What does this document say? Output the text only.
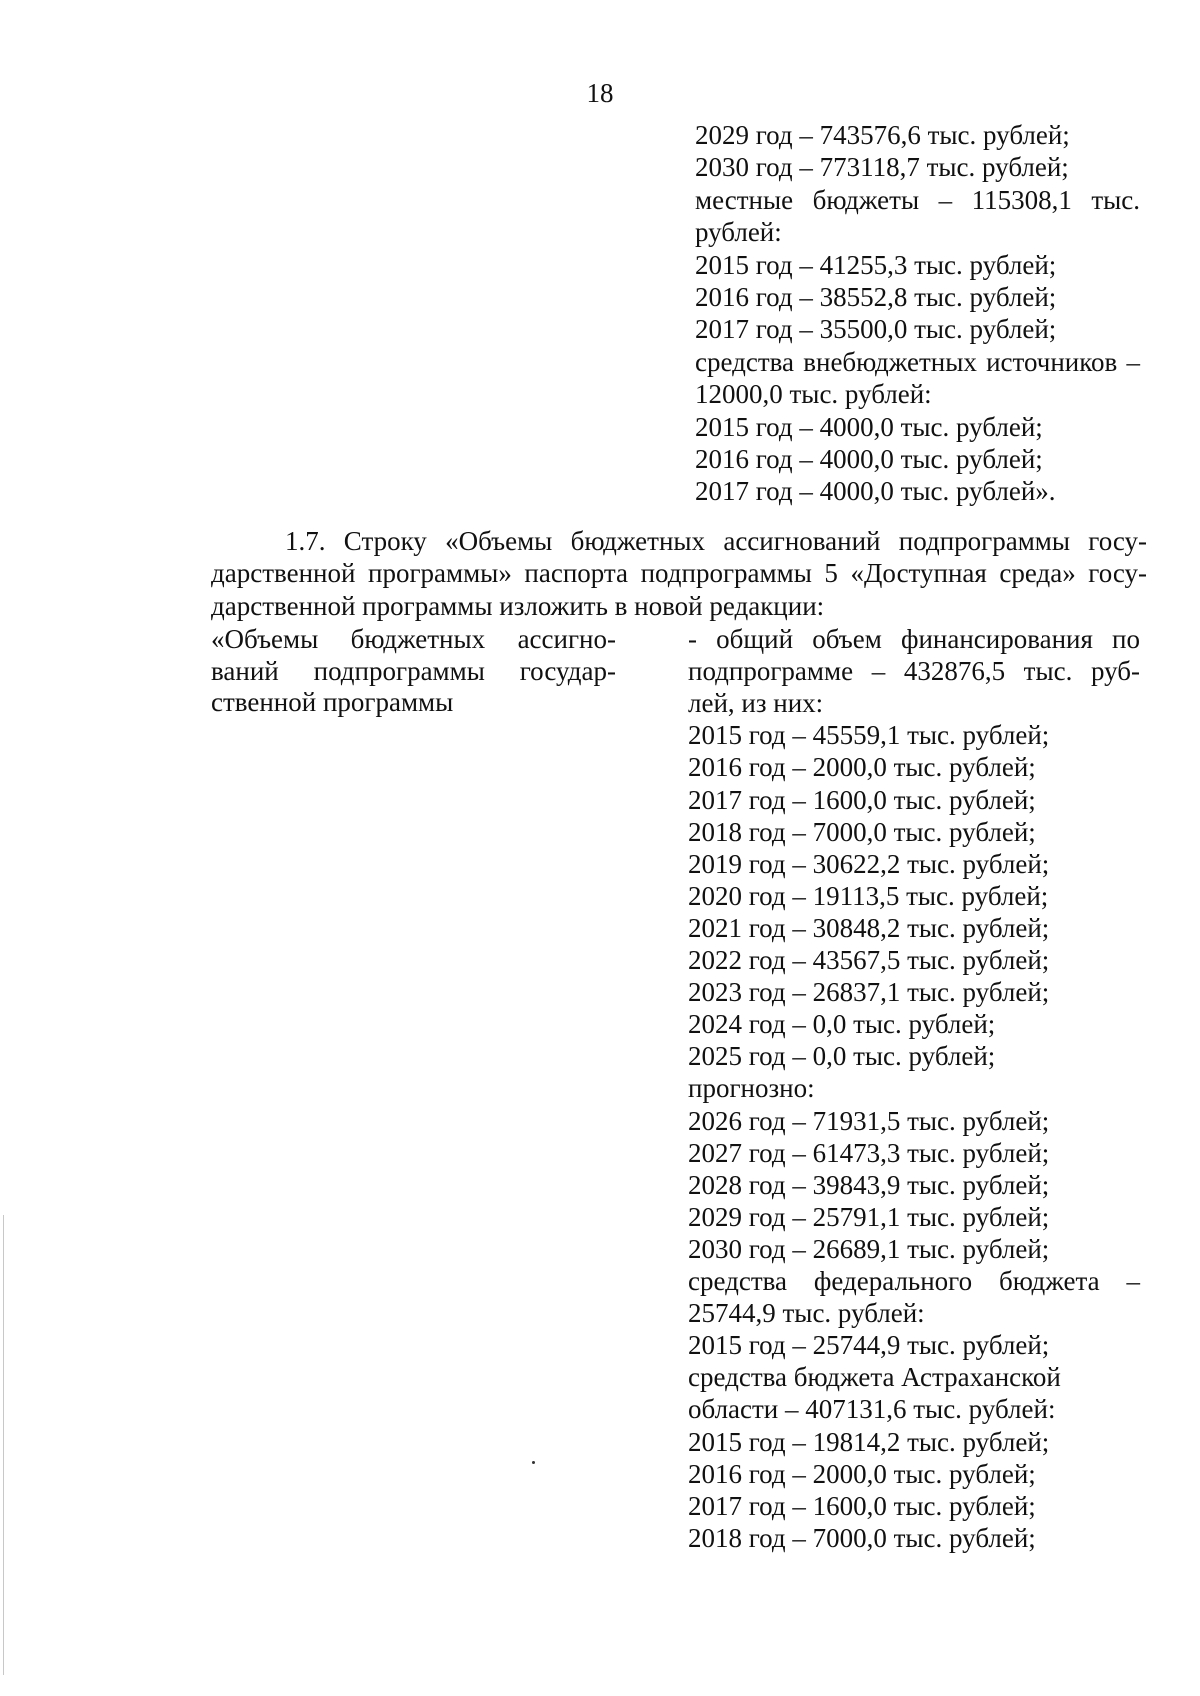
18
2029 год – 743576,6 тыс. рублей;
2030 год – 773118,7 тыс. рублей;
местные бюджеты – 115308,1 тыс.
рублей:
2015 год – 41255,3 тыс. рублей;
2016 год – 38552,8 тыс. рублей;
2017 год – 35500,0 тыс. рублей;
средства внебюджетных источников –
12000,0 тыс. рублей:
2015 год – 4000,0 тыс. рублей;
2016 год – 4000,0 тыс. рублей;
2017 год – 4000,0 тыс. рублей».
1.7. Строку «Объемы бюджетных ассигнований подпрограммы госу-
дарственной программы» паспорта подпрограммы 5 «Доступная среда» госу-
дарственной программы изложить в новой редакции:
«Объемы бюджетных ассигно-
ваний подпрограммы государ-
ственной программы
- общий объем финансирования по
подпрограмме – 432876,5 тыс. руб-
лей, из них:
2015 год – 45559,1 тыс. рублей;
2016 год – 2000,0 тыс. рублей;
2017 год – 1600,0 тыс. рублей;
2018 год – 7000,0 тыс. рублей;
2019 год – 30622,2 тыс. рублей;
2020 год – 19113,5 тыс. рублей;
2021 год – 30848,2 тыс. рублей;
2022 год – 43567,5 тыс. рублей;
2023 год – 26837,1 тыс. рублей;
2024 год – 0,0 тыс. рублей;
2025 год – 0,0 тыс. рублей;
прогнозно:
2026 год – 71931,5 тыс. рублей;
2027 год – 61473,3 тыс. рублей;
2028 год – 39843,9 тыс. рублей;
2029 год – 25791,1 тыс. рублей;
2030 год – 26689,1 тыс. рублей;
средства федерального бюджета –
25744,9 тыс. рублей:
2015 год – 25744,9 тыс. рублей;
средства бюджета Астраханской
области – 407131,6 тыс. рублей:
2015 год – 19814,2 тыс. рублей;
2016 год – 2000,0 тыс. рублей;
2017 год – 1600,0 тыс. рублей;
2018 год – 7000,0 тыс. рублей;
